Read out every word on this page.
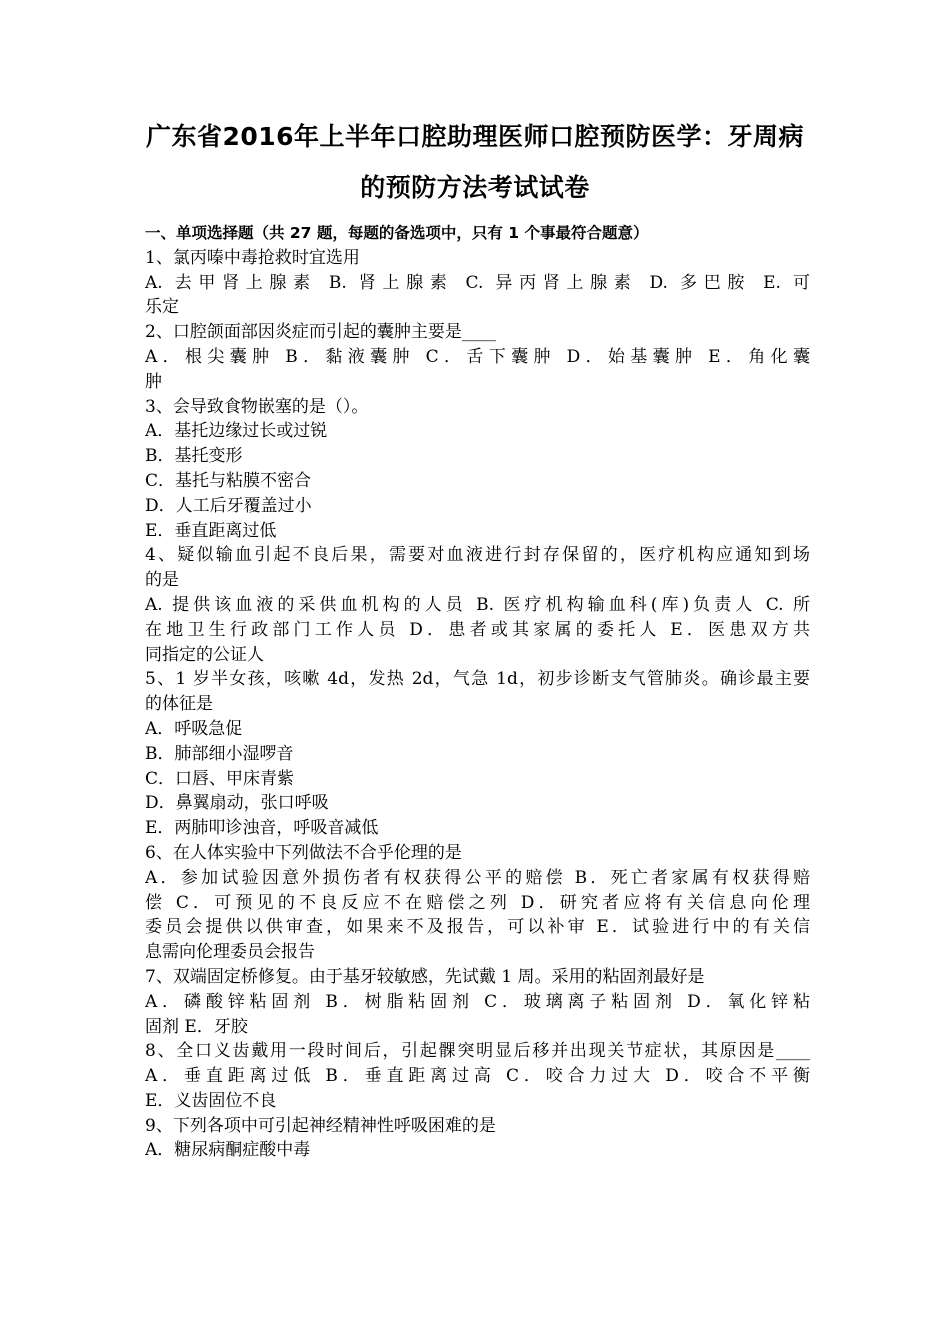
广东省2016年上半年口腔助理医师口腔预防医学：牙周病
的预防方法考试试卷
一、单项选择题（共 27 题，每题的备选项中，只有 1 个事最符合题意）
1、氯丙嗪中毒抢救时宜选用
A. 去甲肾上腺素 B. 肾上腺素 C. 异丙肾上腺素 D. 多巴胺 E. 可
乐定
2、口腔颌面部因炎症而引起的囊肿主要是____
A．根尖囊肿 B．黏液囊肿 C．舌下囊肿 D．始基囊肿 E．角化囊
肿
3、会导致食物嵌塞的是（）。
A．基托边缘过长或过锐
B．基托变形
C．基托与粘膜不密合
D．人工后牙覆盖过小
E．垂直距离过低
4、疑似输血引起不良后果，需要对血液进行封存保留的，医疗机构应通知到场
的是
A. 提供该血液的采供血机构的人员 B. 医疗机构输血科(库)负责人 C. 所
在地卫生行政部门工作人员 D．患者或其家属的委托人 E．医患双方共
同指定的公证人
5、1 岁半女孩，咳嗽 4d，发热 2d，气急 1d，初步诊断支气管肺炎。确诊最主要
的体征是
A．呼吸急促
B．肺部细小湿啰音
C．口唇、甲床青紫
D．鼻翼扇动，张口呼吸
E．两肺叩诊浊音，呼吸音减低
6、在人体实验中下列做法不合乎伦理的是
A．参加试验因意外损伤者有权获得公平的赔偿 B．死亡者家属有权获得赔
偿 C．可预见的不良反应不在赔偿之列 D．研究者应将有关信息向伦理
委员会提供以供审查，如果来不及报告，可以补审 E．试验进行中的有关信
息需向伦理委员会报告
7、双端固定桥修复。由于基牙较敏感，先试戴 1 周。采用的粘固剂最好是
A．磷酸锌粘固剂 B．树脂粘固剂 C．玻璃离子粘固剂 D．氧化锌粘
固剂 E．牙胶
8、全口义齿戴用一段时间后，引起髁突明显后移并出现关节症状，其原因是____
A．垂直距离过低 B．垂直距离过高 C．咬合力过大 D．咬合不平衡
E．义齿固位不良
9、下列各项中可引起神经精神性呼吸困难的是
A．糖尿病酮症酸中毒
